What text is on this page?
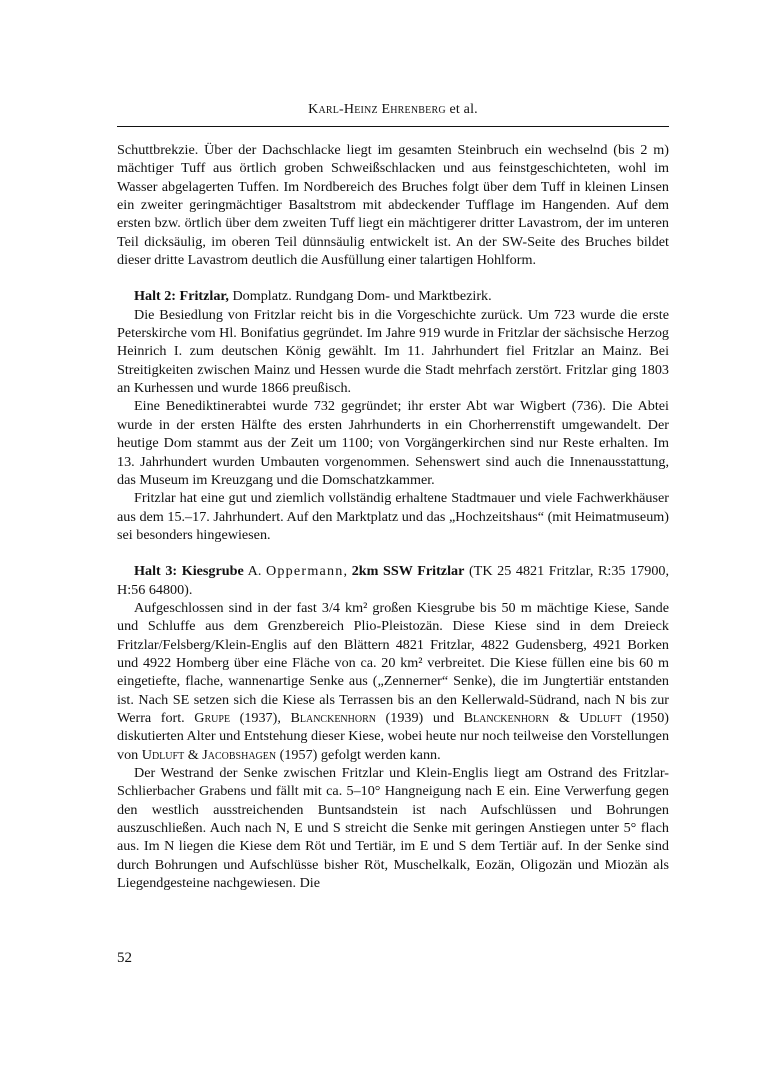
Karl-Heinz Ehrenberg et al.

Schuttbrekzie. Über der Dachschlacke liegt im gesamten Steinbruch ein wechselnd (bis 2 m) mächtiger Tuff aus örtlich groben Schweißschlacken und aus feinstgeschichteten, wohl im Wasser abgelagerten Tuffen. Im Nordbereich des Bruches folgt über dem Tuff in kleinen Linsen ein zweiter geringmächtiger Basaltstrom mit abdeckender Tufflage im Hangenden. Auf dem ersten bzw. örtlich über dem zweiten Tuff liegt ein mächtigerer dritter Lavastrom, der im unteren Teil dicksäulig, im oberen Teil dünnsäulig entwickelt ist. An der SW-Seite des Bruches bildet dieser dritte Lavastrom deutlich die Ausfüllung einer talartigen Hohlform.

Halt 2: Fritzlar, Domplatz. Rundgang Dom- und Marktbezirk.

Die Besiedlung von Fritzlar reicht bis in die Vorgeschichte zurück. Um 723 wurde die erste Peterskirche vom Hl. Bonifatius gegründet. Im Jahre 919 wurde in Fritzlar der sächsische Herzog Heinrich I. zum deutschen König gewählt. Im 11. Jahrhundert fiel Fritzlar an Mainz. Bei Streitigkeiten zwischen Mainz und Hessen wurde die Stadt mehrfach zerstört. Fritzlar ging 1803 an Kurhessen und wurde 1866 preußisch.

Eine Benediktinerabtei wurde 732 gegründet; ihr erster Abt war Wigbert (736). Die Abtei wurde in der ersten Hälfte des ersten Jahrhunderts in ein Chorherrenstift umgewandelt. Der heutige Dom stammt aus der Zeit um 1100; von Vorgängerkirchen sind nur Reste erhalten. Im 13. Jahrhundert wurden Umbauten vorgenommen. Sehenswert sind auch die Innenausstattung, das Museum im Kreuzgang und die Domschatzkammer.

Fritzlar hat eine gut und ziemlich vollständig erhaltene Stadtmauer und viele Fachwerkhäuser aus dem 15.–17. Jahrhundert. Auf den Marktplatz und das „Hochzeitshaus“ (mit Heimatmuseum) sei besonders hingewiesen.

Halt 3: Kiesgrube A. Oppermann, 2km SSW Fritzlar (TK 25 4821 Fritzlar, R:35 17900, H:56 64800).

Aufgeschlossen sind in der fast 3/4 km² großen Kiesgrube bis 50 m mächtige Kiese, Sande und Schluffe aus dem Grenzbereich Plio-Pleistozän. Diese Kiese sind in dem Dreieck Fritzlar/Felsberg/Klein-Englis auf den Blättern 4821 Fritzlar, 4822 Gudensberg, 4921 Borken und 4922 Homberg über eine Fläche von ca. 20 km² verbreitet. Die Kiese füllen eine bis 60 m eingetiefte, flache, wannenartige Senke aus („Zennerner“ Senke), die im Jungtertiär entstanden ist. Nach SE setzen sich die Kiese als Terrassen bis an den Kellerwald-Südrand, nach N bis zur Werra fort. Grupe (1937), Blanckenhorn (1939) und Blanckenhorn & Udluft (1950) diskutierten Alter und Entstehung dieser Kiese, wobei heute nur noch teilweise den Vorstellungen von Udluft & Jacobshagen (1957) gefolgt werden kann.

Der Westrand der Senke zwischen Fritzlar und Klein-Englis liegt am Ostrand des Fritzlar-Schlierbacher Grabens und fällt mit ca. 5–10° Hangneigung nach E ein. Eine Verwerfung gegen den westlich ausstreichenden Buntsandstein ist nach Aufschlüssen und Bohrungen auszuschließen. Auch nach N, E und S streicht die Senke mit geringen Anstiegen unter 5° flach aus. Im N liegen die Kiese dem Röt und Tertiär, im E und S dem Tertiär auf. In der Senke sind durch Bohrungen und Aufschlüsse bisher Röt, Muschelkalk, Eozän, Oligozän und Miozän als Liegendgesteine nachgewiesen. Die

52
